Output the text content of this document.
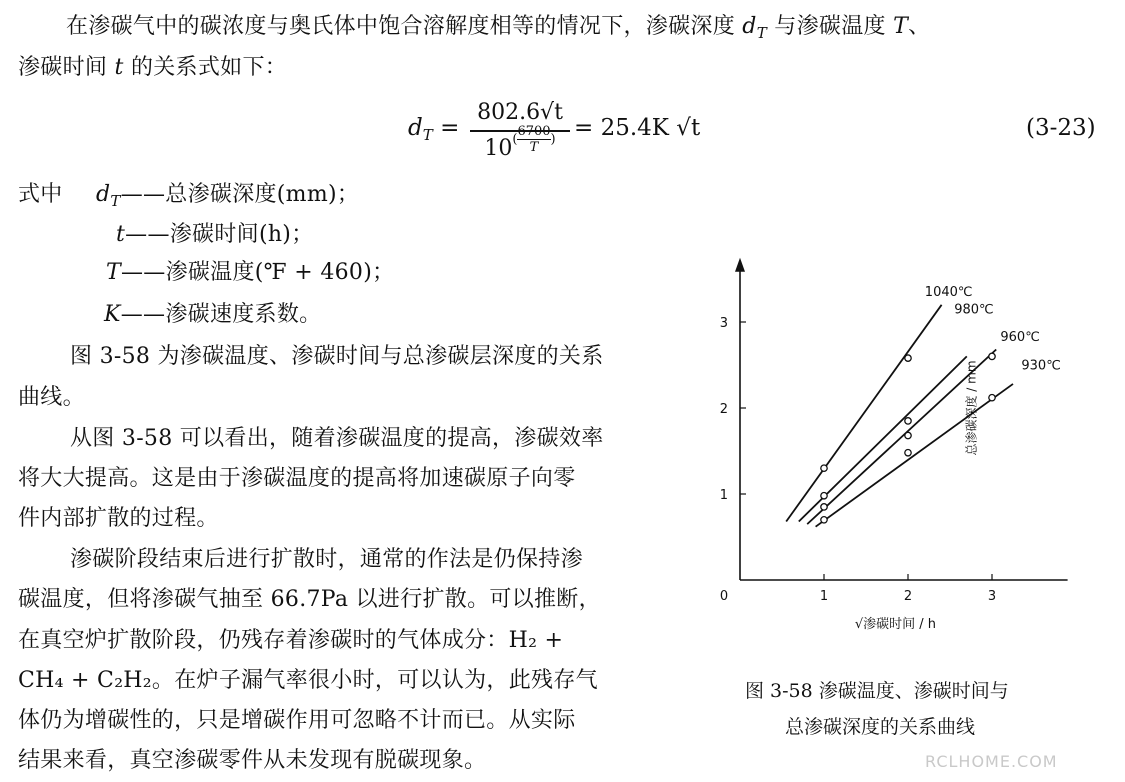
在渗碳气中的碳浓度与奥氏体中饱合溶解度相等的情况下，渗碳深度 $d_T$ 与渗碳温度 T、
渗碳时间 t 的关系式如下：
$d_T$ =
802.6√t
$10^{( \frac{6700}{T} )} = 25.4K$ √t	(3-23)
式中 $d_T——$总渗碳深度(mm)；
t——渗碳时间(h)；
T——渗碳温度(℉ + 460)；
K——渗碳速度系数。
图 3-58 为渗碳温度、渗碳时间与总渗碳层深度的关系
曲线。
从图 3-58 可以看出，随着渗碳温度的提高，渗碳效率
将大大提高。这是由于渗碳温度的提高将加速碳原子向零
件内部扩散的过程。
渗碳阶段结束后进行扩散时，通常的作法是仍保持渗
碳温度，但将渗碳气抽至 66.7Pa 以进行扩散。可以推断，
在真空炉扩散阶段，仍残存着渗碳时的气体成分：H₂ +
CH₄ + C₂H₂。在炉子漏气率很小时，可以认为，此残存气
体仍为增碳性的，只是增碳作用可忽略不计而已。从实际
结果来看，真空渗碳零件从未发现有脱碳现象。
0	1	2	3
1
2
3
√渗碳时间 / h
总渗碳深度 / mm
1040℃
980℃
960℃
930℃
图 3-58 渗碳温度、渗碳时间与
总渗碳深度的关系曲线
RCLHOME.COM
